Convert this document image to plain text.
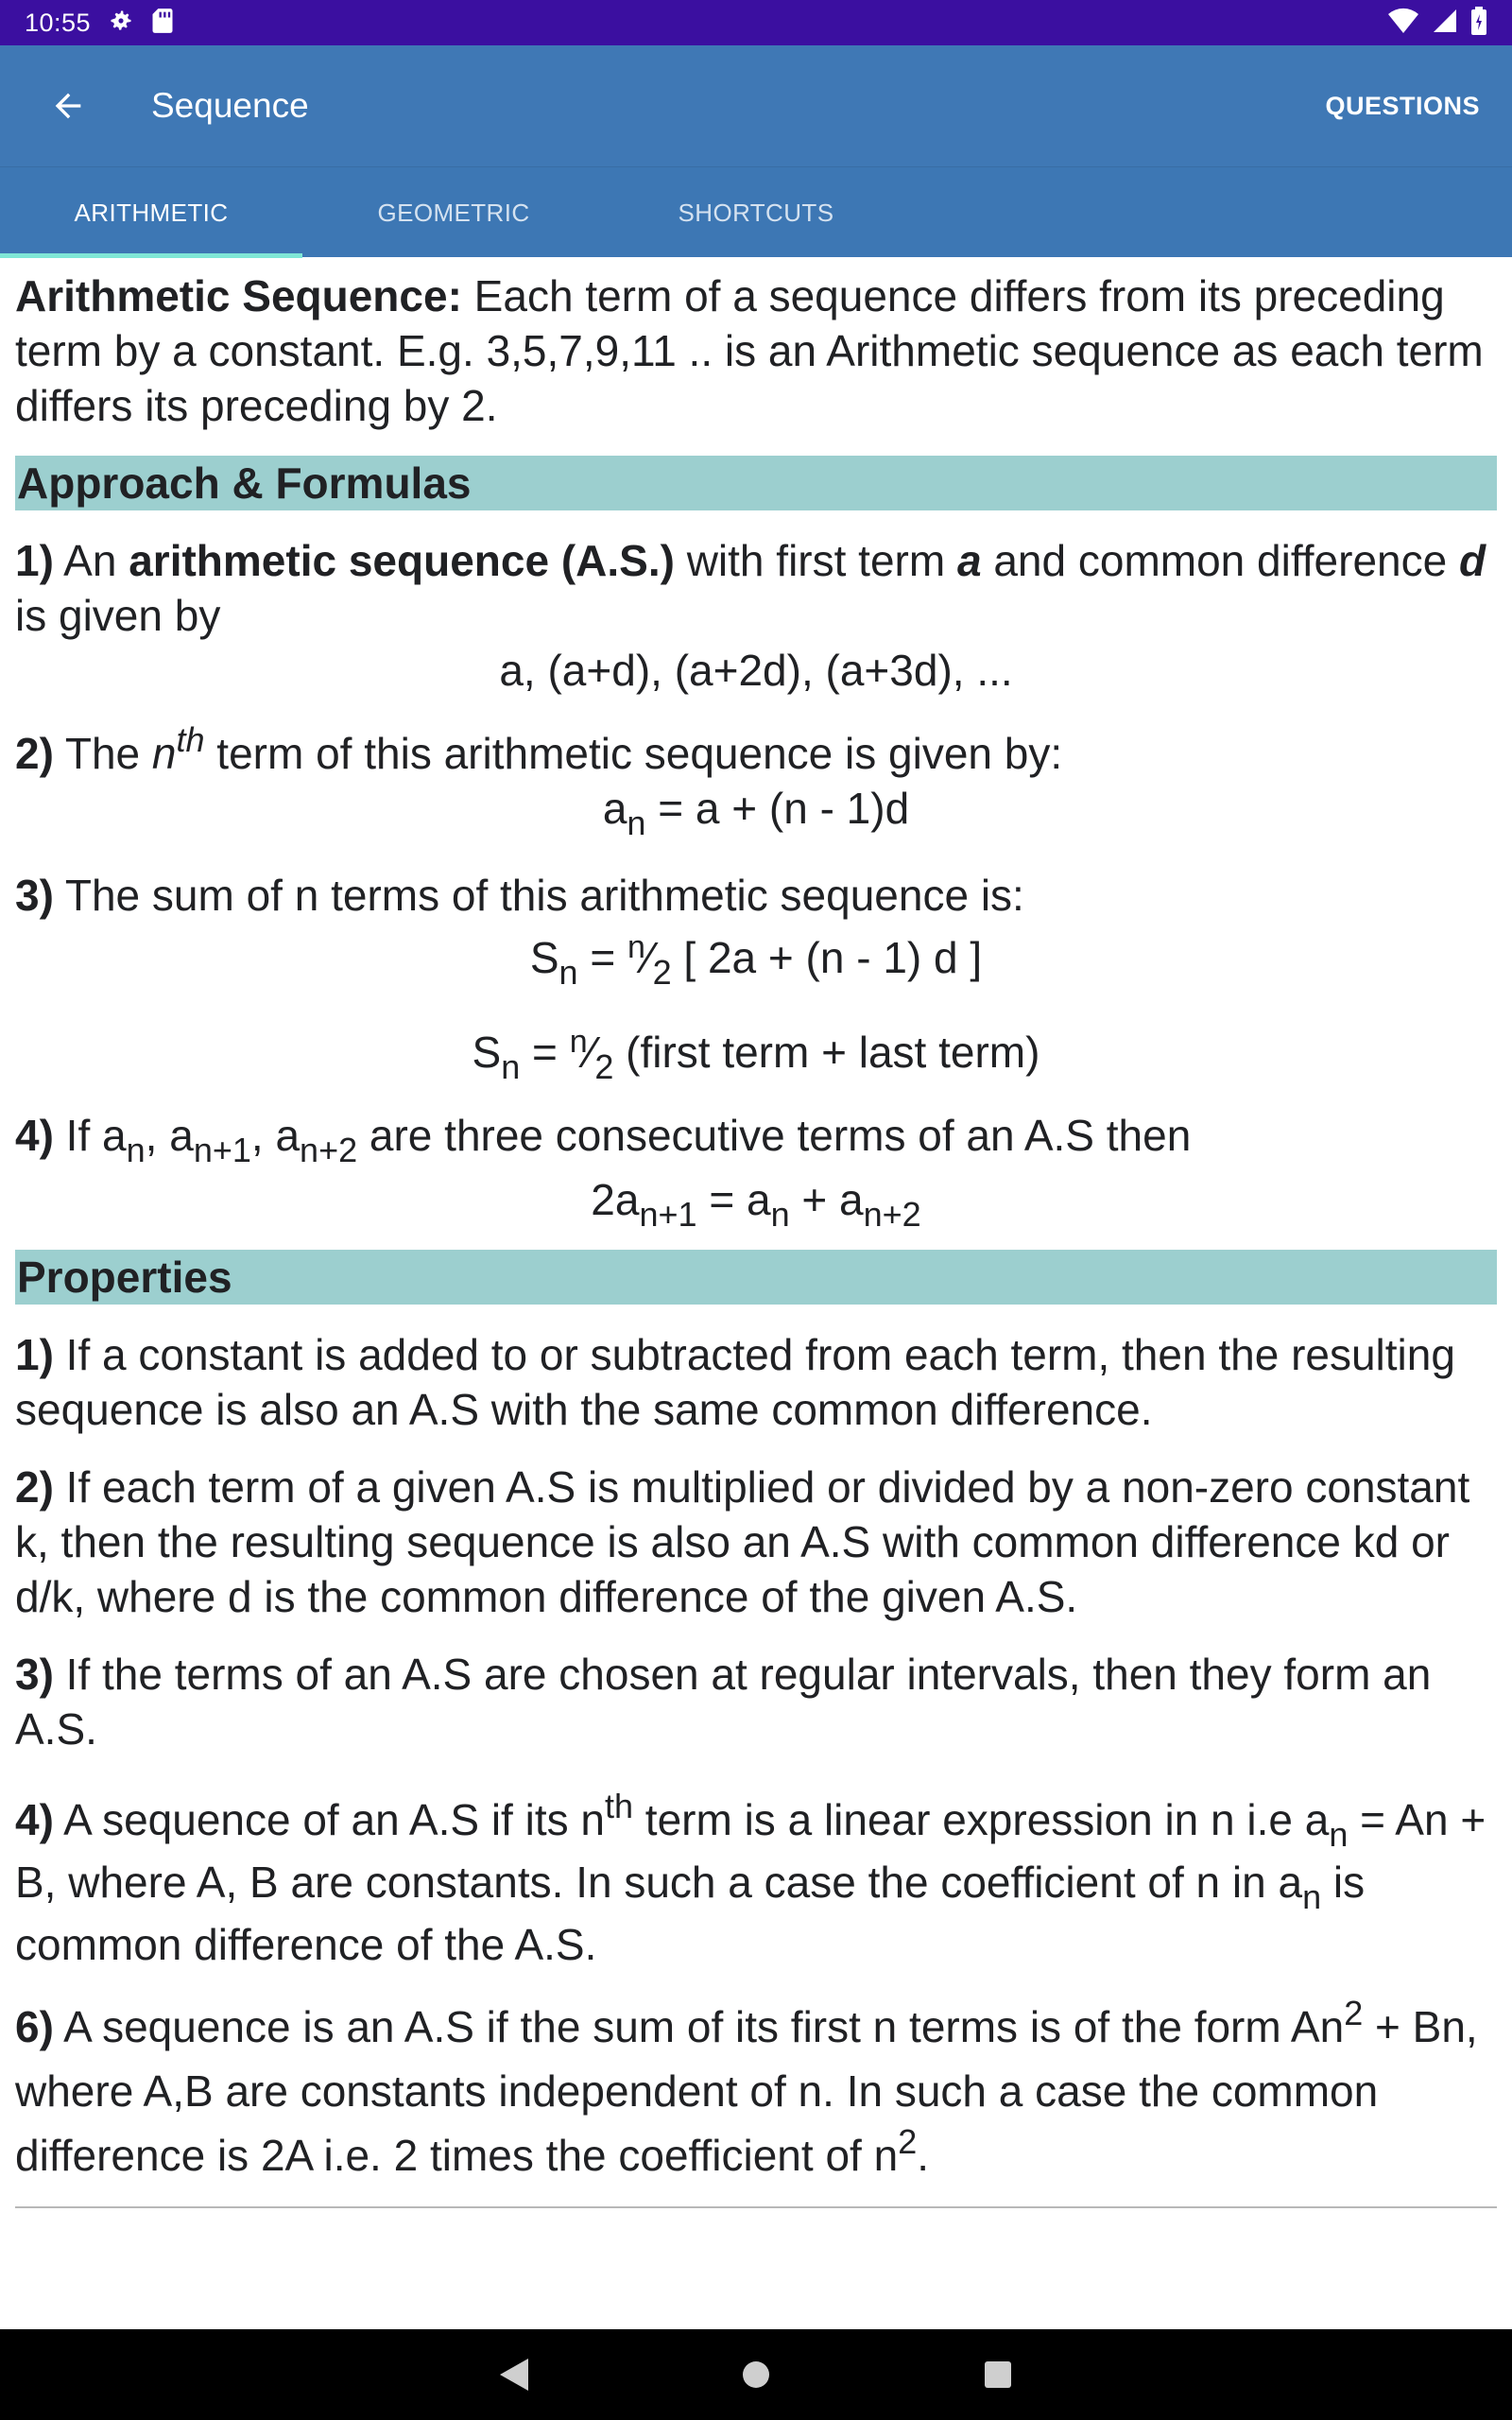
10:55
Sequence	QUESTIONS
ARITHMETIC	GEOMETRIC	SHORTCUTS

Arithmetic Sequence: Each term of a sequence differs from its preceding term by a constant. E.g. 3,5,7,9,11 .. is an Arithmetic sequence as each term differs its preceding by 2.

Approach & Formulas

1) An arithmetic sequence (A.S.) with first term a and common difference d is given by

a, (a+d), (a+2d), (a+3d), ...

2) The $n^{th}$ term of this arithmetic sequence is given by:

$a_n = a + (n - 1)d$

3) The sum of n terms of this arithmetic sequence is:

$S_n$ = $^n⁄_2$ [ 2a + (n - 1) d ]

$S_n$ = $^n⁄_2$ (first term + last term)

4) If $a_n$, $a_{n+1}$, $a_{n+2}$ are three consecutive terms of an A.S then

$2a_{n+1} = a_n + a_{n+2}$

Properties

1) If a constant is added to or subtracted from each term, then the resulting sequence is also an A.S with the same common difference.

2) If each term of a given A.S is multiplied or divided by a non-zero constant k, then the resulting sequence is also an A.S with common difference kd or d/k, where d is the common difference of the given A.S.

3) If the terms of an A.S are chosen at regular intervals, then they form an A.S.

4) A sequence of an A.S if its $n^{th}$ term is a linear expression in n i.e $a_n = An + B$, where A, B are constants. In such a case the coefficient of n in $a_n$ is common difference of the A.S.

6) A sequence is an A.S if the sum of its first n terms is of the form $An^2 + Bn$, where A,B are constants independent of n. In such a case the common difference is 2A i.e. 2 times the coefficient of $n^2$.
